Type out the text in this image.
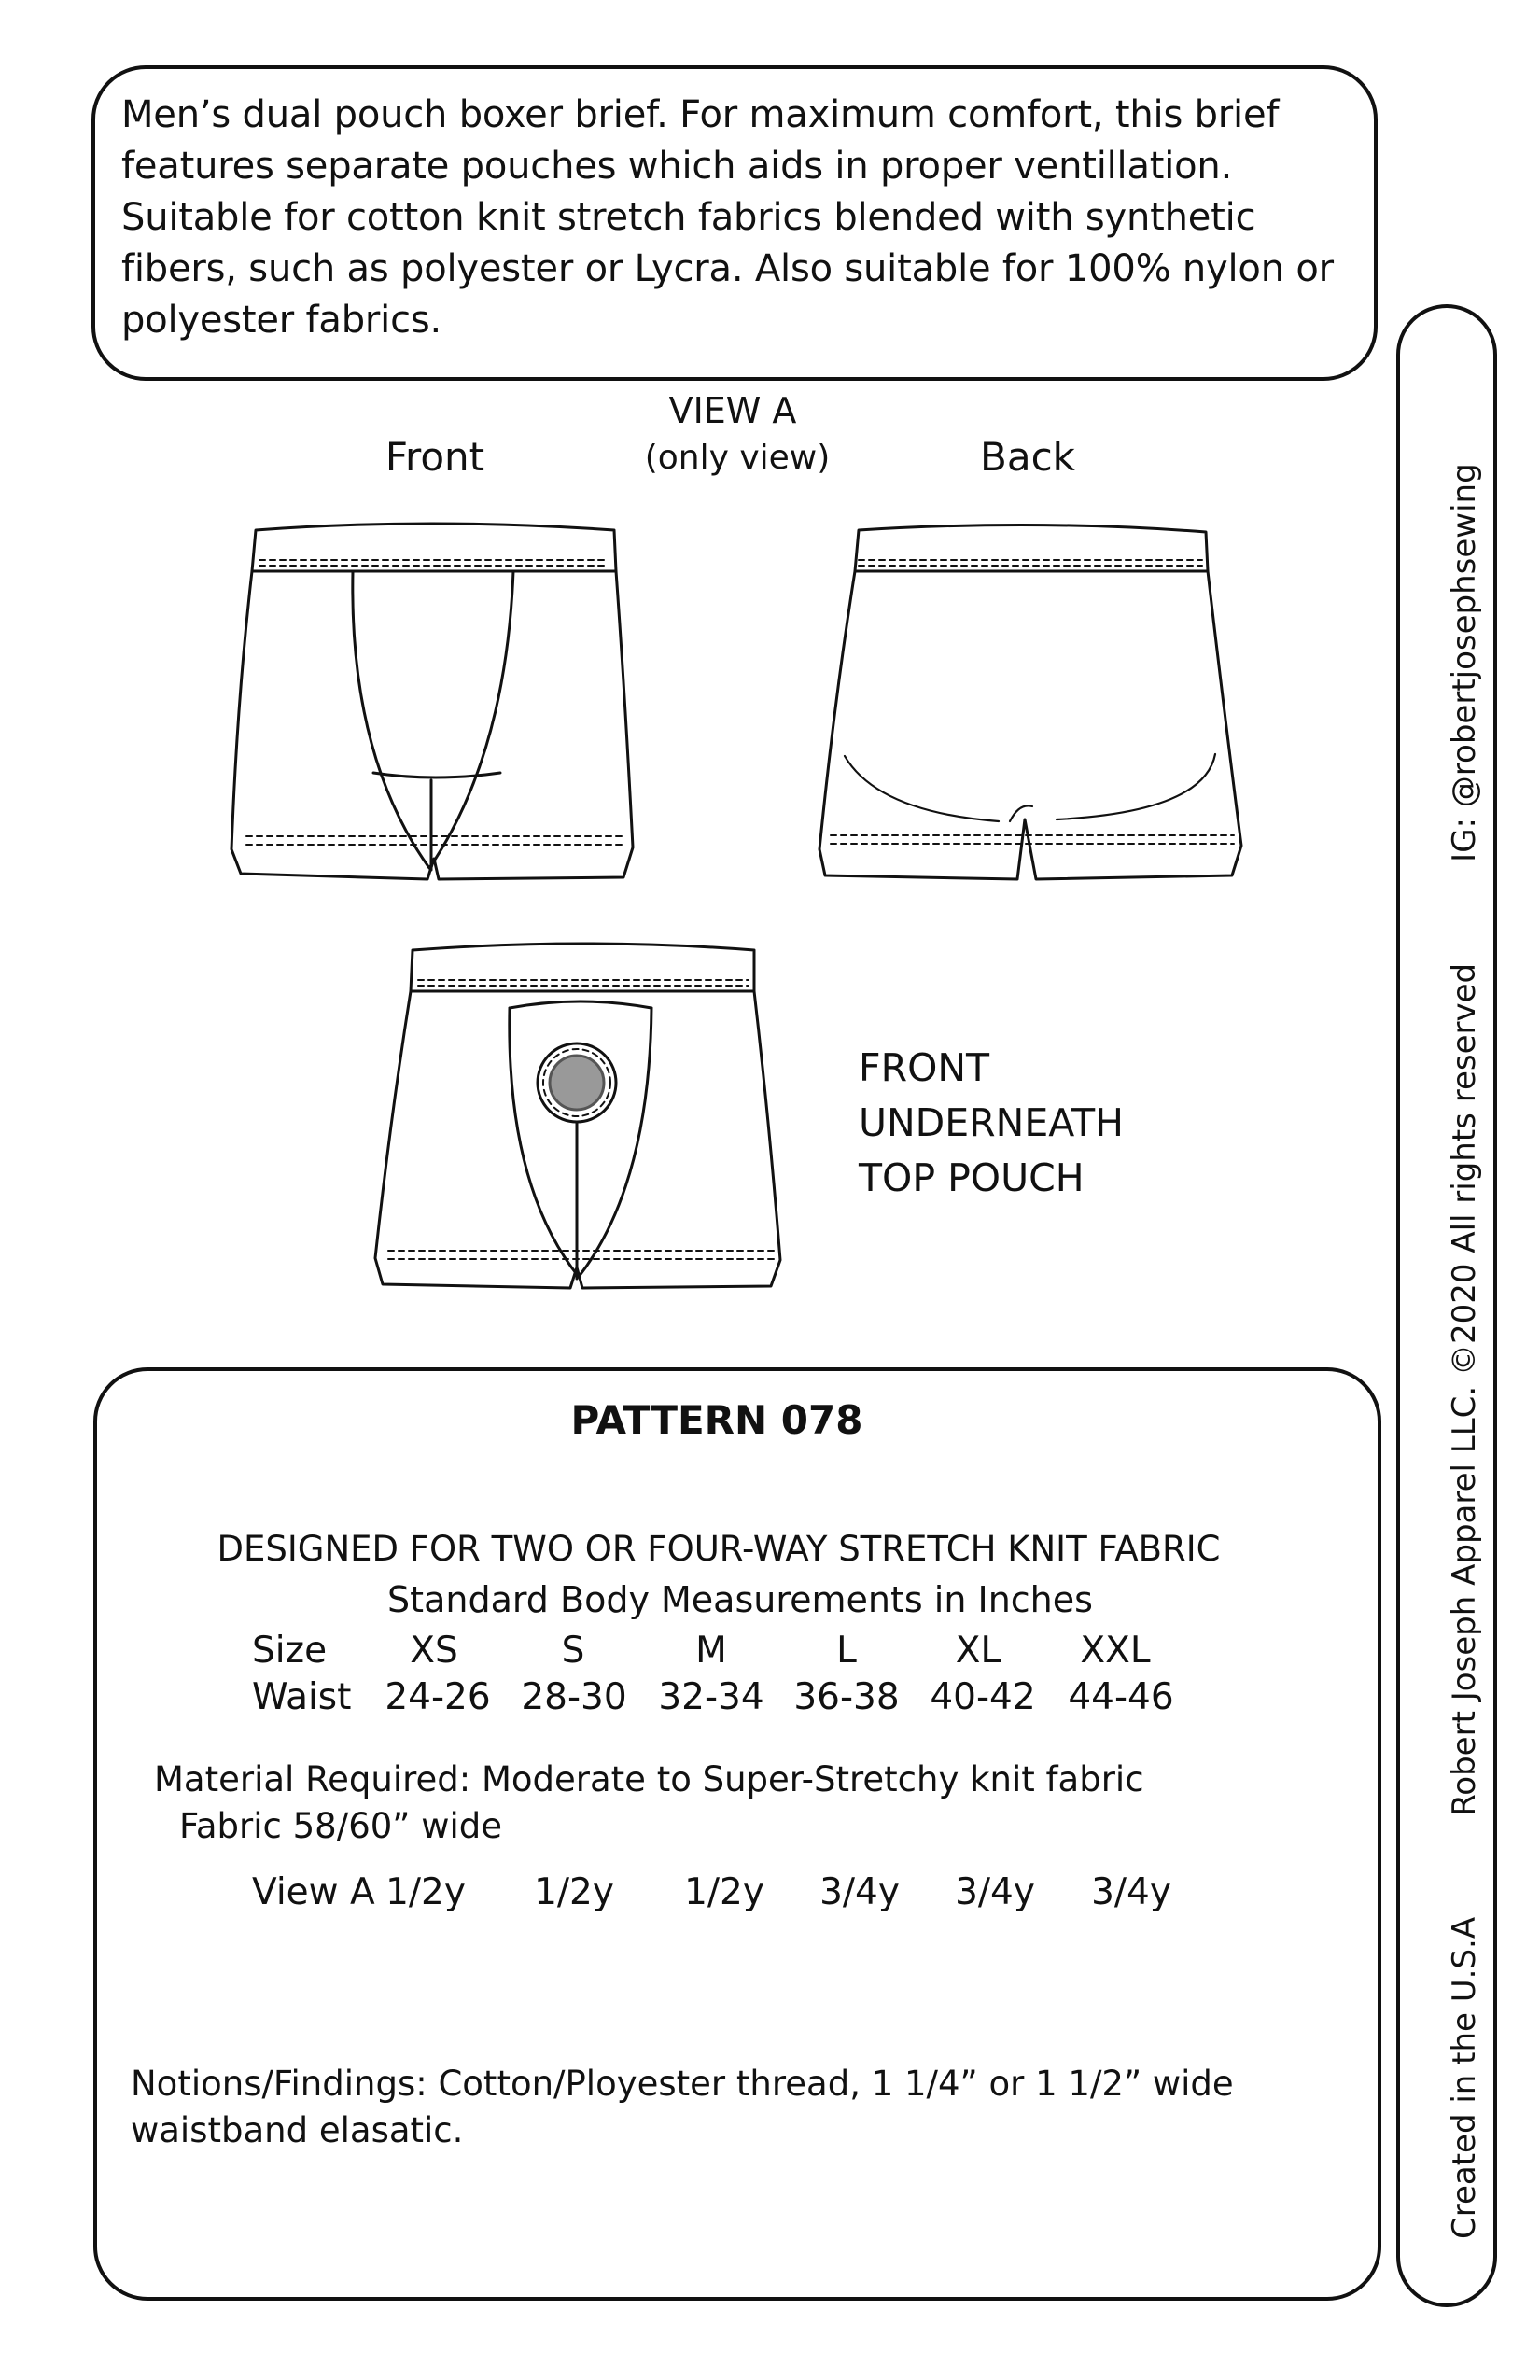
Men’s dual pouch boxer brief. For maximum comfort, this brief features separate pouches which aids in proper ventillation. Suitable for cotton knit stretch fabrics blended with synthetic fibers, such as polyester or Lycra. Also suitable for 100% nylon or polyester fabrics.

Created in the U.S.A          Robert Joseph Apparel LLC. ©2020 All rights reserved          IG: @robertjosephsewing
VIEW A
(only view)
Front	Back
FRONT
UNDERNEATH
TOP POUCH
PATTERN 078
DESIGNED FOR TWO OR FOUR-WAY STRETCH KNIT FABRIC
Standard Body Measurements in Inches
Size XS	S	M	L	XL XXL
Waist 24-26 28-30 32-34 36-38 40-42 44-46
Material Required: Moderate to Super-Stretchy knit fabric
Fabric 58/60” wide
View A 1/2y 1/2y 1/2y 3/4y 3/4y 3/4y
Notions/Findings: Cotton/Ployester thread, 1 1/4” or 1 1/2” wide
waistband elasatic.
